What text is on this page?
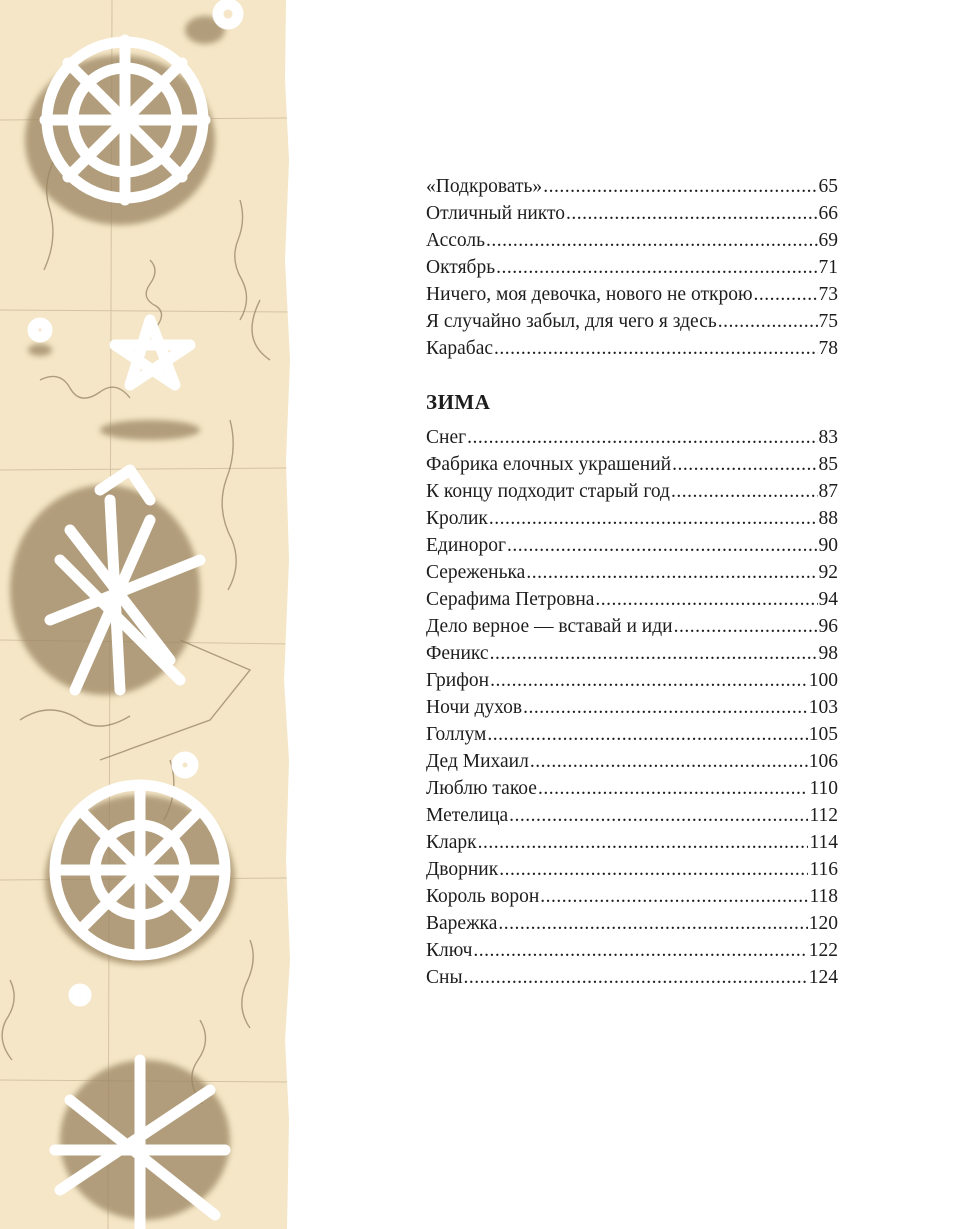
«Подкровать» .....	65
Отличный никто .....	66
Ассоль .....	69
Октябрь .....	71
Ничего, моя девочка, нового не открою .....	73
Я случайно забыл, для чего я здесь .....	75
Карабас .....	78
ЗИМА
Снег .....	83
Фабрика елочных украшений .....	85
К концу подходит старый год .....	87
Кролик .....	88
Единорог .....	90
Сереженька .....	92
Серафима Петровна .....	94
Дело верное — вставай и иди .....	96
Феникс .....	98
Грифон .....	100
Ночи духов .....	103
Голлум .....	105
Дед Михаил .....	106
Люблю такое .....	110
Метелица .....	112
Кларк .....	114
Дворник .....	116
Король ворон .....	118
Варежка .....	120
Ключ .....	122
Сны .....	124
